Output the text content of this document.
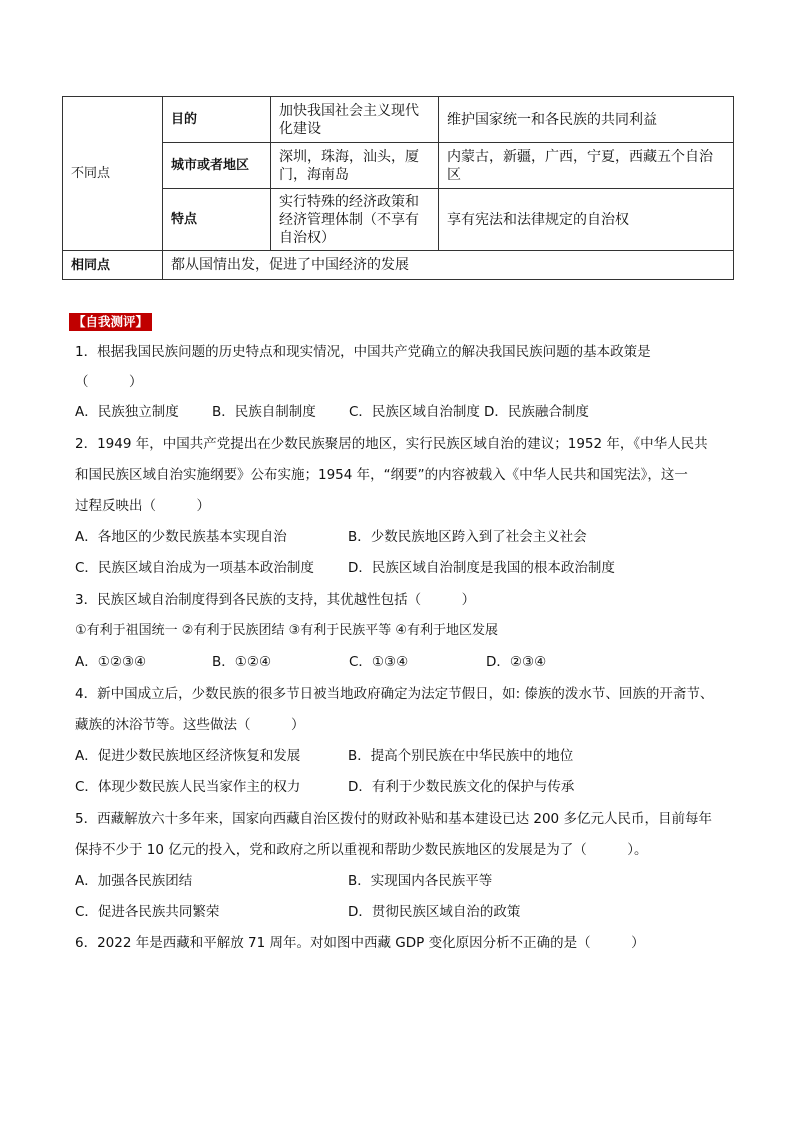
不同点	目的	加快我国社会主义现代化建设	维护国家统一和各民族的共同利益
	城市或者地区	深圳，珠海，汕头，厦门，海南岛	内蒙古，新疆，广西，宁夏，西藏五个自治区
	特点	实行特殊的经济政策和经济管理体制（不享有自治权）	享有宪法和法律规定的自治权
相同点	都从国情出发，促进了中国经济的发展		
【自我测评】
1．根据我国民族问题的历史特点和现实情况，中国共产党确立的解决我国民族问题的基本政策是
（　　　）
A．民族独立制度 B．民族自制制度 C．民族区域自治制度 D．民族融合制度
2．1949 年，中国共产党提出在少数民族聚居的地区，实行民族区域自治的建议；1952 年，《中华人民共
和国民族区域自治实施纲要》公布实施；1954 年，“纲要”的内容被载入《中华人民共和国宪法》，这一
过程反映出（　　　）
A．各地区的少数民族基本实现自治	B．少数民族地区跨入到了社会主义社会
C．民族区域自治成为一项基本政治制度	D．民族区域自治制度是我国的根本政治制度
3．民族区域自治制度得到各民族的支持，其优越性包括（　　　）
①有利于祖国统一 ②有利于民族团结 ③有利于民族平等 ④有利于地区发展
A．①②③④	B．①②④	C．①③④	D．②③④
4．新中国成立后，少数民族的很多节日被当地政府确定为法定节假日，如: 傣族的泼水节、回族的开斋节、
藏族的沐浴节等。这些做法（　　　）
A．促进少数民族地区经济恢复和发展	B．提高个别民族在中华民族中的地位
C．体现少数民族人民当家作主的权力	D．有利于少数民族文化的保护与传承
5．西藏解放六十多年来，国家向西藏自治区拨付的财政补贴和基本建设已达 200 多亿元人民币，目前每年
保持不少于 10 亿元的投入，党和政府之所以重视和帮助少数民族地区的发展是为了（　　　）。
A．加强各民族团结	B．实现国内各民族平等
C．促进各民族共同繁荣	D．贯彻民族区域自治的政策
6．2022 年是西藏和平解放 71 周年。对如图中西藏 GDP 变化原因分析不正确的是（　　　）
